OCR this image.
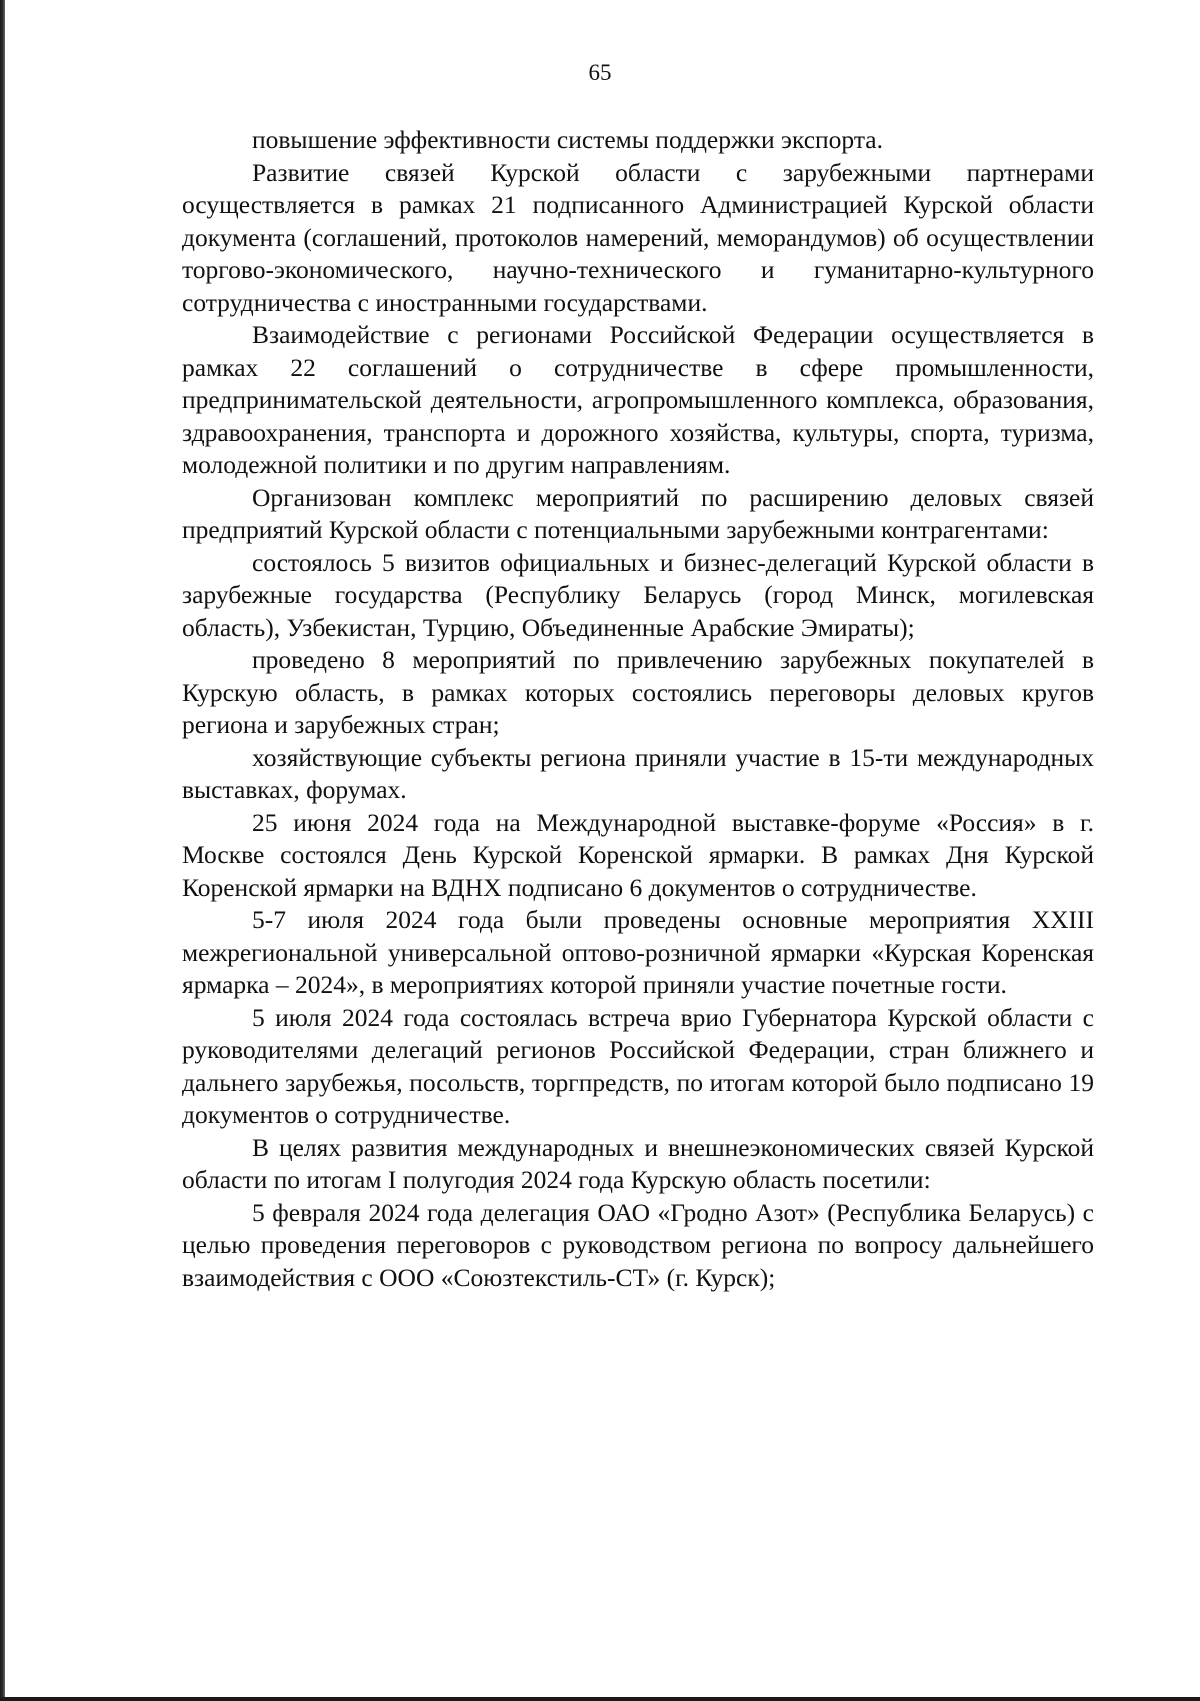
65

повышение эффективности системы поддержки экспорта.

Развитие связей Курской области с зарубежными партнерами осуществляется в рамках 21 подписанного Администрацией Курской области документа (соглашений, протоколов намерений, меморандумов) об осуществлении торгово-экономического, научно-технического и гуманитарно-культурного сотрудничества с иностранными государствами.

Взаимодействие с регионами Российской Федерации осуществляется в рамках 22 соглашений о сотрудничестве в сфере промышленности, предпринимательской деятельности, агропромышленного комплекса, образования, здравоохранения, транспорта и дорожного хозяйства, культуры, спорта, туризма, молодежной политики и по другим направлениям.

Организован комплекс мероприятий по расширению деловых связей предприятий Курской области с потенциальными зарубежными контрагентами:

состоялось 5 визитов официальных и бизнес-делегаций Курской области в зарубежные государства (Республику Беларусь (город Минск, могилевская область), Узбекистан, Турцию, Объединенные Арабские Эмираты);

проведено 8 мероприятий по привлечению зарубежных покупателей в Курскую область, в рамках которых состоялись переговоры деловых кругов региона и зарубежных стран;

хозяйствующие субъекты региона приняли участие в 15-ти международных выставках, форумах.

25 июня 2024 года на Международной выставке-форуме «Россия» в г. Москве состоялся День Курской Коренской ярмарки. В рамках Дня Курской Коренской ярмарки на ВДНХ подписано 6 документов о сотрудничестве.

5-7 июля 2024 года были проведены основные мероприятия XXIII межрегиональной универсальной оптово-розничной ярмарки «Курская Коренская ярмарка – 2024», в мероприятиях которой приняли участие почетные гости.

5 июля 2024 года состоялась встреча врио Губернатора Курской области с руководителями делегаций регионов Российской Федерации, стран ближнего и дальнего зарубежья, посольств, торгпредств, по итогам которой было подписано 19 документов о сотрудничестве.

В целях развития международных и внешнеэкономических связей Курской области по итогам I полугодия 2024 года Курскую область посетили:

5 февраля 2024 года делегация ОАО «Гродно Азот» (Республика Беларусь) с целью проведения переговоров с руководством региона по вопросу дальнейшего взаимодействия с ООО «Союзтекстиль-СТ» (г. Курск);
